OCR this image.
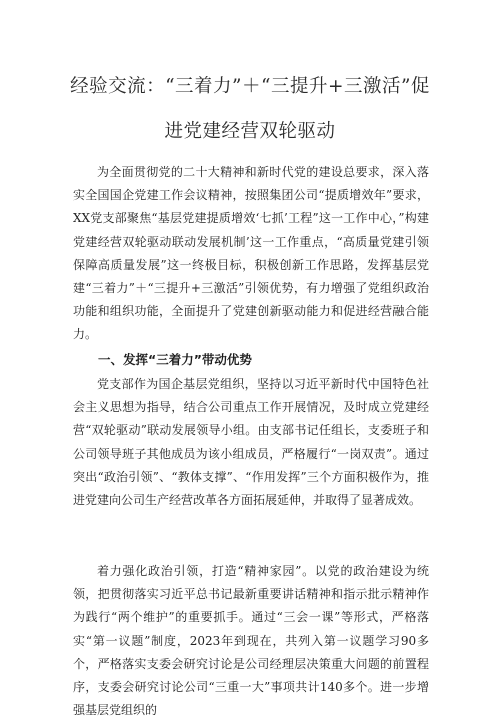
经验交流：“三着力”＋“三提升+三激活”促
进党建经营双轮驱动

为全面贯彻党的二十大精神和新时代党的建设总要求，深入落实全国国企党建工作会议精神，按照集团公司“提质增效年”要求，XX党支部聚焦“基层党建提质增效‘七抓’工程”这一工作中心，”构建党建经营双轮驱动联动发展机制’这一工作重点，“高质量党建引领保障高质量发展”这一终极目标，积极创新工作思路，发挥基层党建“三着力”＋“三提升+三激活”引领优势，有力增强了党组织政治功能和组织功能，全面提升了党建创新驱动能力和促进经营融合能力。

一、发挥“三着力”带动优势

党支部作为国企基层党组织，坚持以习近平新时代中国特色社会主义思想为指导，结合公司重点工作开展情况，及时成立党建经营“双轮驱动”联动发展领导小组。由支部书记任组长，支委班子和公司领导班子其他成员为该小组成员，严格履行“一岗双责”。通过突出“政治引领”、“教体支撑”、“作用发挥”三个方面积极作为，推进党建向公司生产经营改革各方面拓展延伸，并取得了显著成效。

着力强化政治引领，打造“精神家园”。以党的政治建设为统领，把贯彻落实习近平总书记最新重要讲话精神和指示批示精神作为践行“两个维护”的重要抓手。通过“三会一课”等形式，严格落实“第一议题”制度，2023年到现在，共列入第一议题学习90多个，严格落实支委会研究讨论是公司经理层决策重大问题的前置程序，支委会研究讨论公司“三重一大”事项共计140多个。进一步增强基层党组织的
